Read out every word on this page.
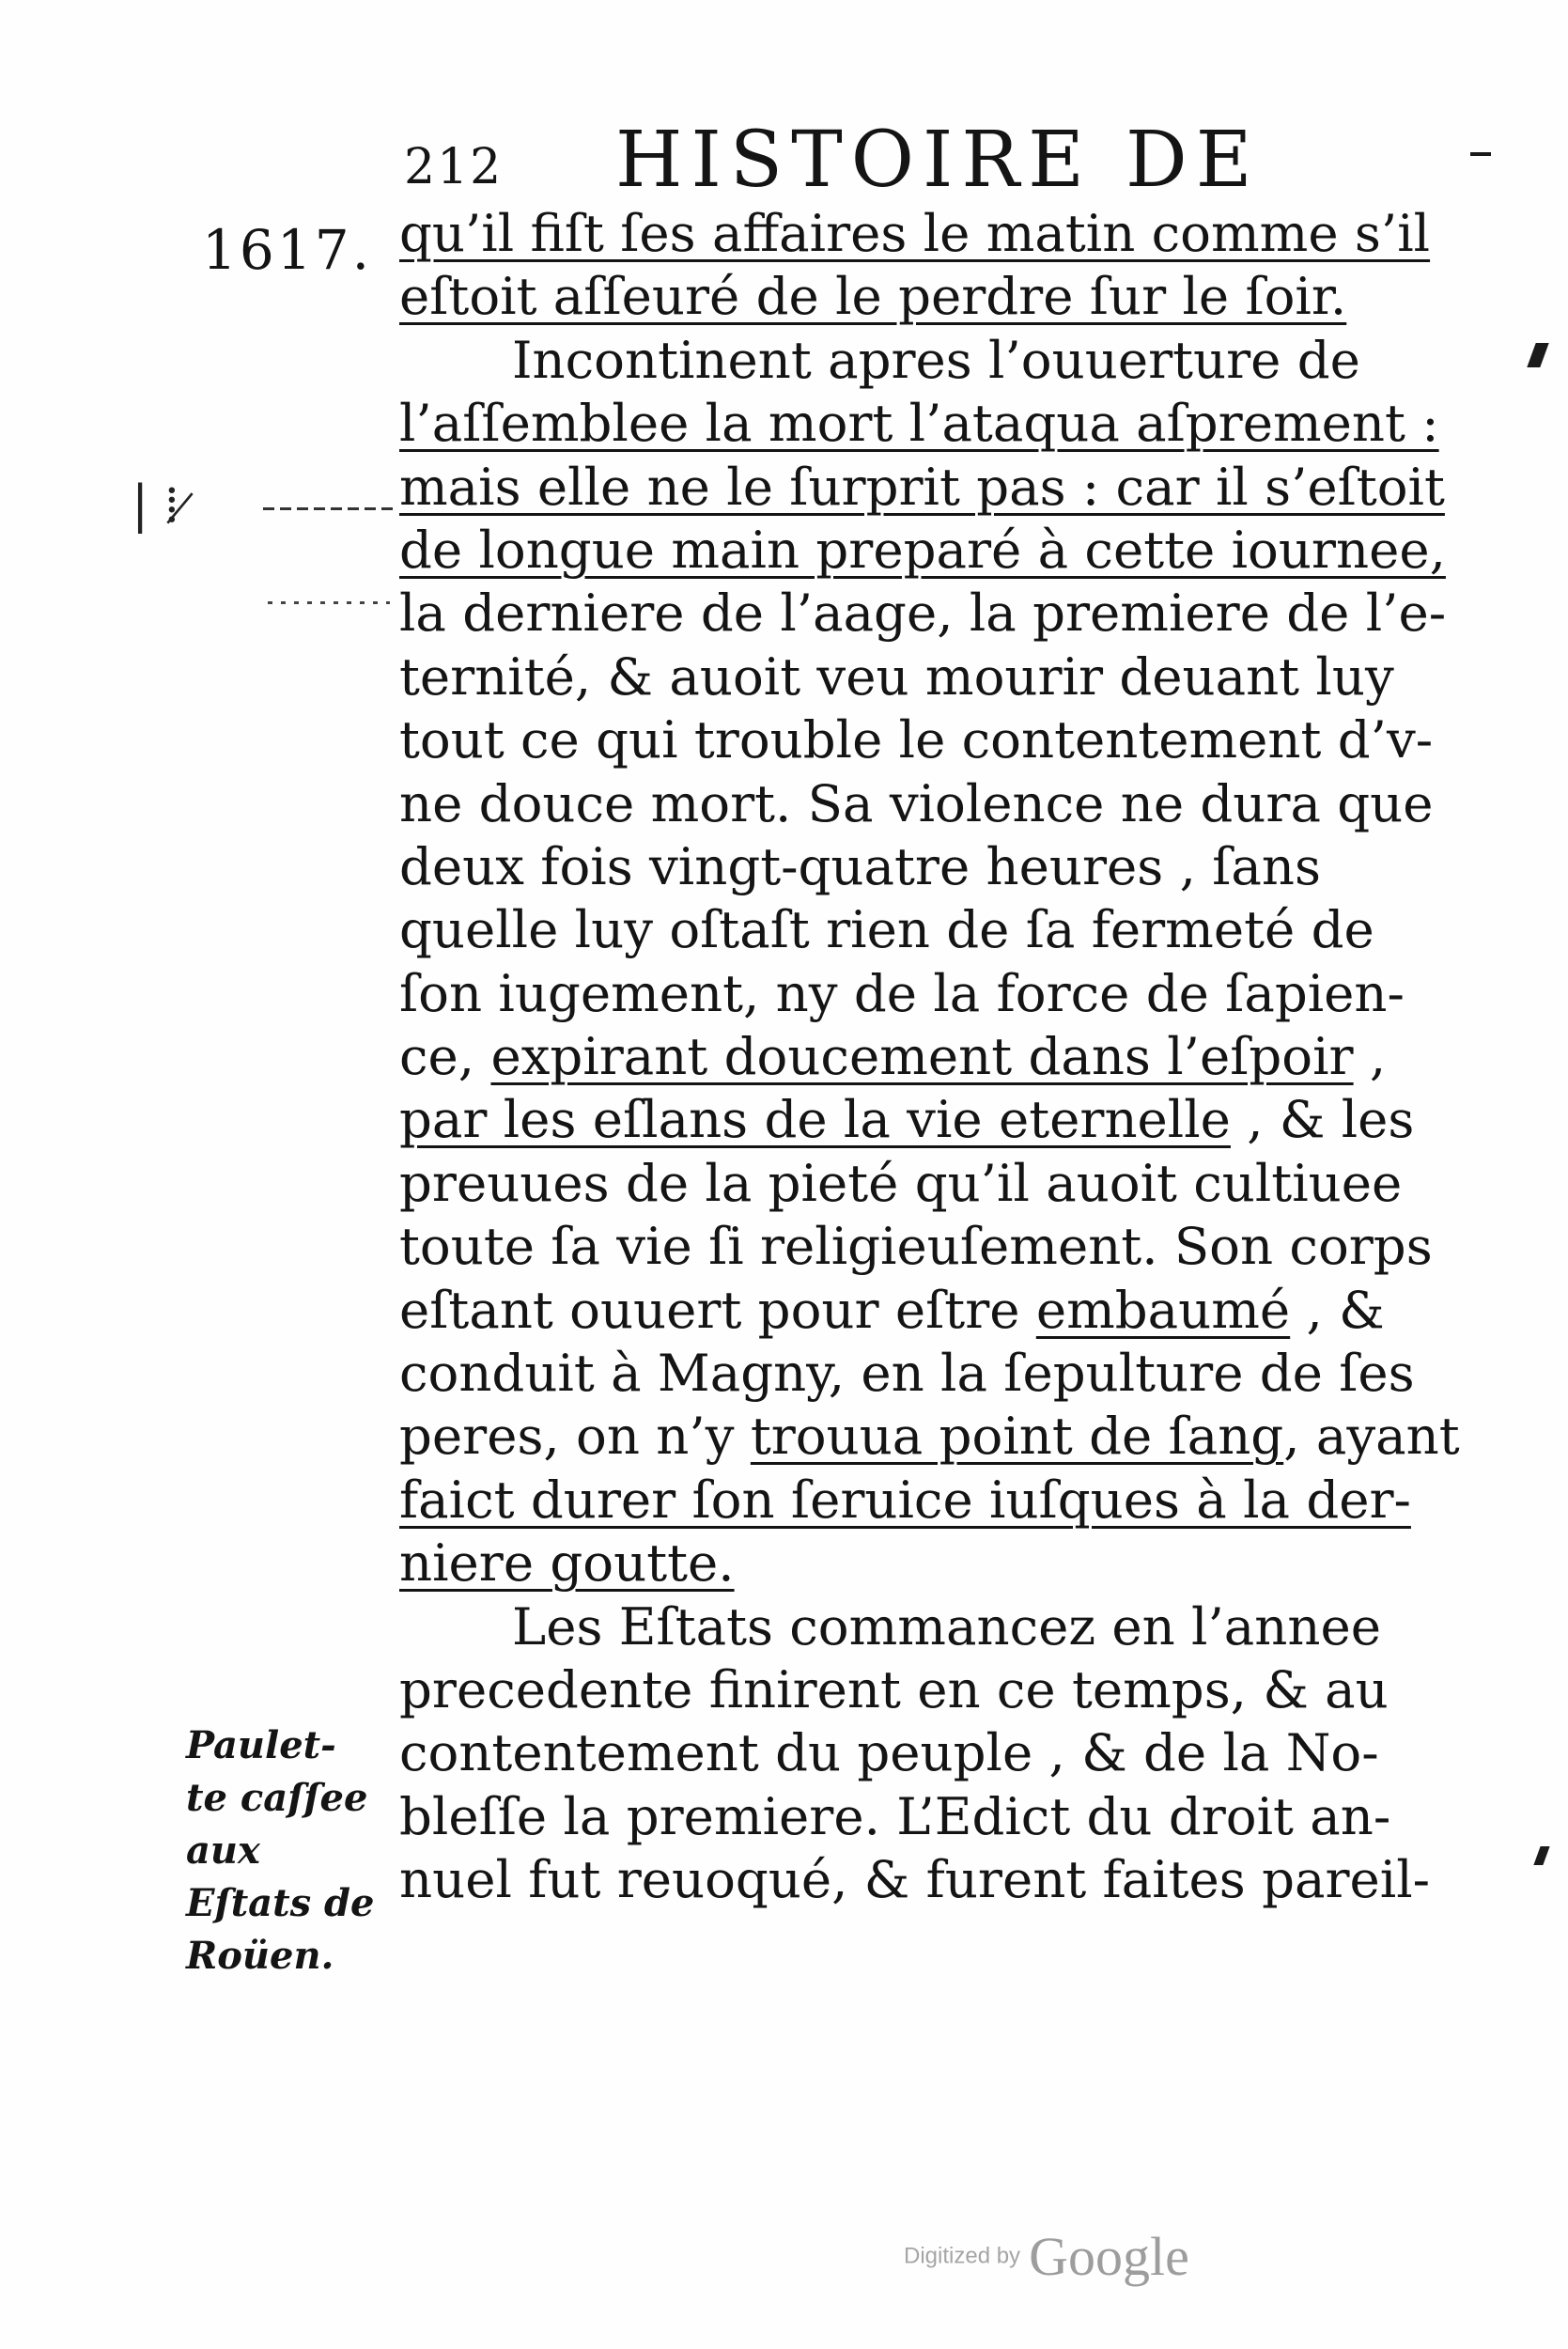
212 HISTOIRE DE
1617.
| ⁞ ̷
qu’il fiſt ſes affaires le matin comme s’il
eſtoit aſſeuré de le perdre ſur le ſoir.
Incontinent apres l’ouuerture de
l’aſſemblee la mort l’ataqua aſprement :
mais elle ne le ſurprit pas : car il s’eſtoit
de longue main preparé à cette iournee,
la derniere de l’aage, la premiere de l’e-
ternité, & auoit veu mourir deuant luy
tout ce qui trouble le contentement d’v-
ne douce mort. Sa violence ne dura que
deux fois vingt-quatre heures , ſans
quelle luy oſtaſt rien de ſa fermeté de
ſon iugement, ny de la force de ſapien-
ce, expirant doucement dans l’eſpoir ,
par les eſlans de la vie eternelle , & les
preuues de la pieté qu’il auoit cultiuee
toute ſa vie ſi religieuſement. Son corps
eſtant ouuert pour eſtre embaumé , &
conduit à Magny, en la ſepulture de ſes
peres, on n’y trouua point de ſang, ayant
faict durer ſon ſeruice iuſques à la der-
niere goutte.
Les Eſtats commancez en l’annee
precedente finirent en ce temps, & au
contentement du peuple , & de la No-
bleſſe la premiere. L’Edict du droit an-
nuel fut reuoqué, & furent faites pareil-
Paulet-
te caſſee
aux
Eſtats de
Roüen.
Digitized by Google
